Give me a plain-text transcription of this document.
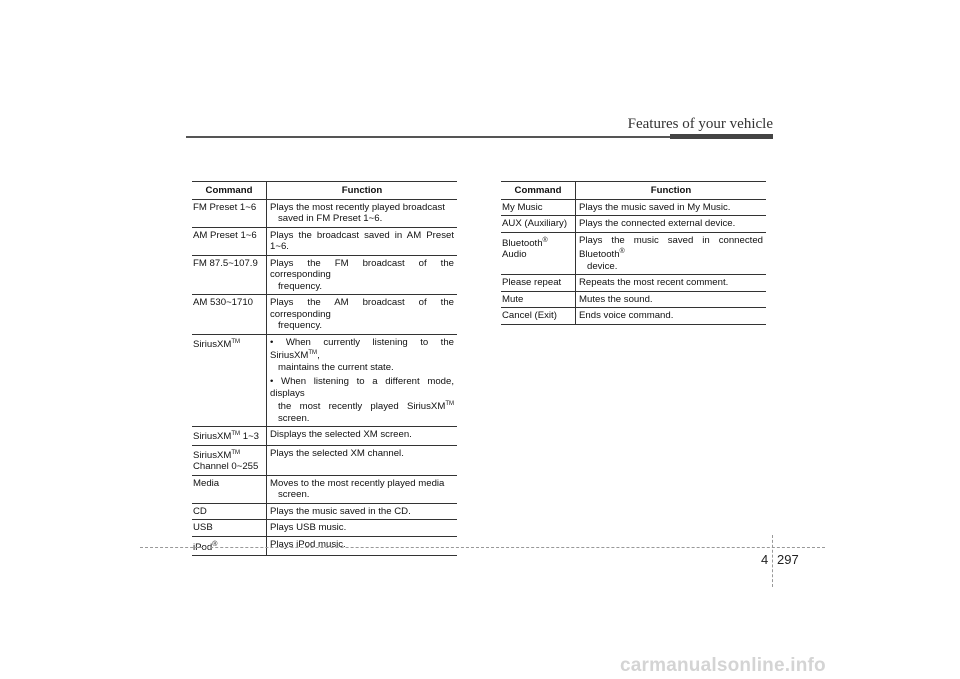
Features of your vehicle
Command	Function
FM Preset 1~6	Plays the most recently played broadcast
saved in FM Preset 1~6.

AM Preset 1~6	Plays the broadcast saved in AM Preset 1~6.
FM 87.5~107.9	Plays the FM broadcast of the corresponding
frequency.

AM 530~1710	Plays the AM broadcast of the corresponding
frequency.

SiriusXM™	• When currently listening to the SiriusXM™,
maintains the current state.
• When listening to a different mode, displays
the most recently played SiriusXM™ screen.

SiriusXM™ 1~3	Displays the selected XM screen.
SiriusXM™
Channel 0~255	Plays the selected XM channel.
Media	Moves to the most recently played media
screen.

CD	Plays the music saved in the CD.
USB	Plays USB music.
iPod®	Plays iPod music.
Command	Function
My Music	Plays the music saved in My Music.
AUX (Auxiliary)	Plays the connected external device.
Bluetooth® Audio	Plays the music saved in connected Bluetooth®
device.

Please repeat	Repeats the most recent comment.
Mute	Mutes the sound.
Cancel (Exit)	Ends voice command.
4 297
carmanualsonline.info
